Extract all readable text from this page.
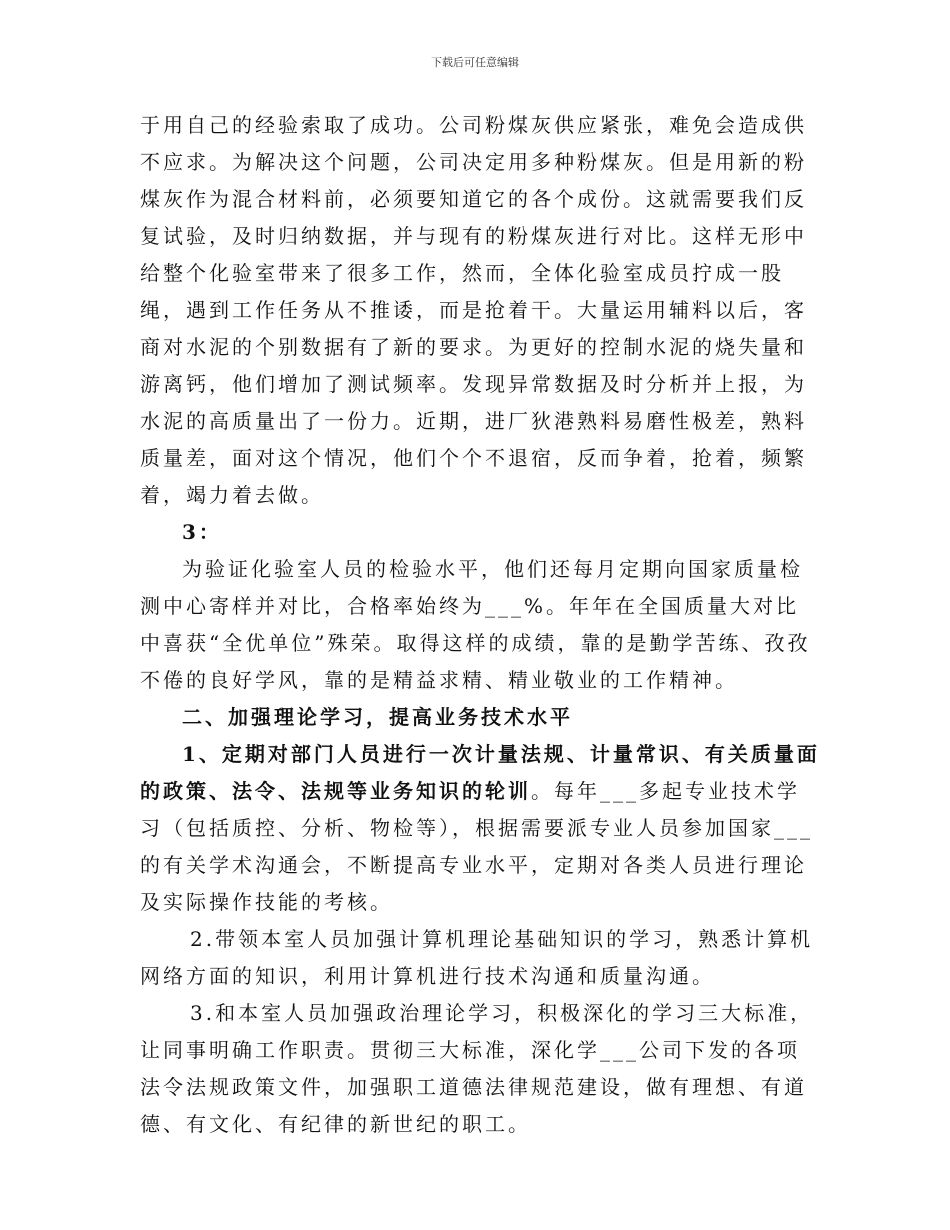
下载后可任意编辑

于用自己的经验索取了成功。公司粉煤灰供应紧张，难免会造成供不应求。为解决这个问题，公司决定用多种粉煤灰。但是用新的粉煤灰作为混合材料前，必须要知道它的各个成份。这就需要我们反复试验，及时归纳数据，并与现有的粉煤灰进行对比。这样无形中给整个化验室带来了很多工作，然而，全体化验室成员拧成一股绳，遇到工作任务从不推诿，而是抢着干。大量运用辅料以后，客商对水泥的个别数据有了新的要求。为更好的控制水泥的烧失量和游离钙，他们增加了测试频率。发现异常数据及时分析并上报，为水泥的高质量出了一份力。近期，进厂狄港熟料易磨性极差，熟料质量差，面对这个情况，他们个个不退宿，反而争着，抢着，频繁着，竭力着去做。

3：

为验证化验室人员的检验水平，他们还每月定期向国家质量检测中心寄样并对比，合格率始终为___%。年年在全国质量大对比中喜获“全优单位”殊荣。取得这样的成绩，靠的是勤学苦练、孜孜不倦的良好学风，靠的是精益求精、精业敬业的工作精神。

二、加强理论学习，提高业务技术水平

1、定期对部门人员进行一次计量法规、计量常识、有关质量面的政策、法令、法规等业务知识的轮训。每年___多起专业技术学习（包括质控、分析、物检等），根据需要派专业人员参加国家___的有关学术沟通会，不断提高专业水平，定期对各类人员进行理论及实际操作技能的考核。

2.带领本室人员加强计算机理论基础知识的学习，熟悉计算机网络方面的知识，利用计算机进行技术沟通和质量沟通。

3.和本室人员加强政治理论学习，积极深化的学习三大标准，让同事明确工作职责。贯彻三大标准，深化学___公司下发的各项法令法规政策文件，加强职工道德法律规范建设，做有理想、有道德、有文化、有纪律的新世纪的职工。
